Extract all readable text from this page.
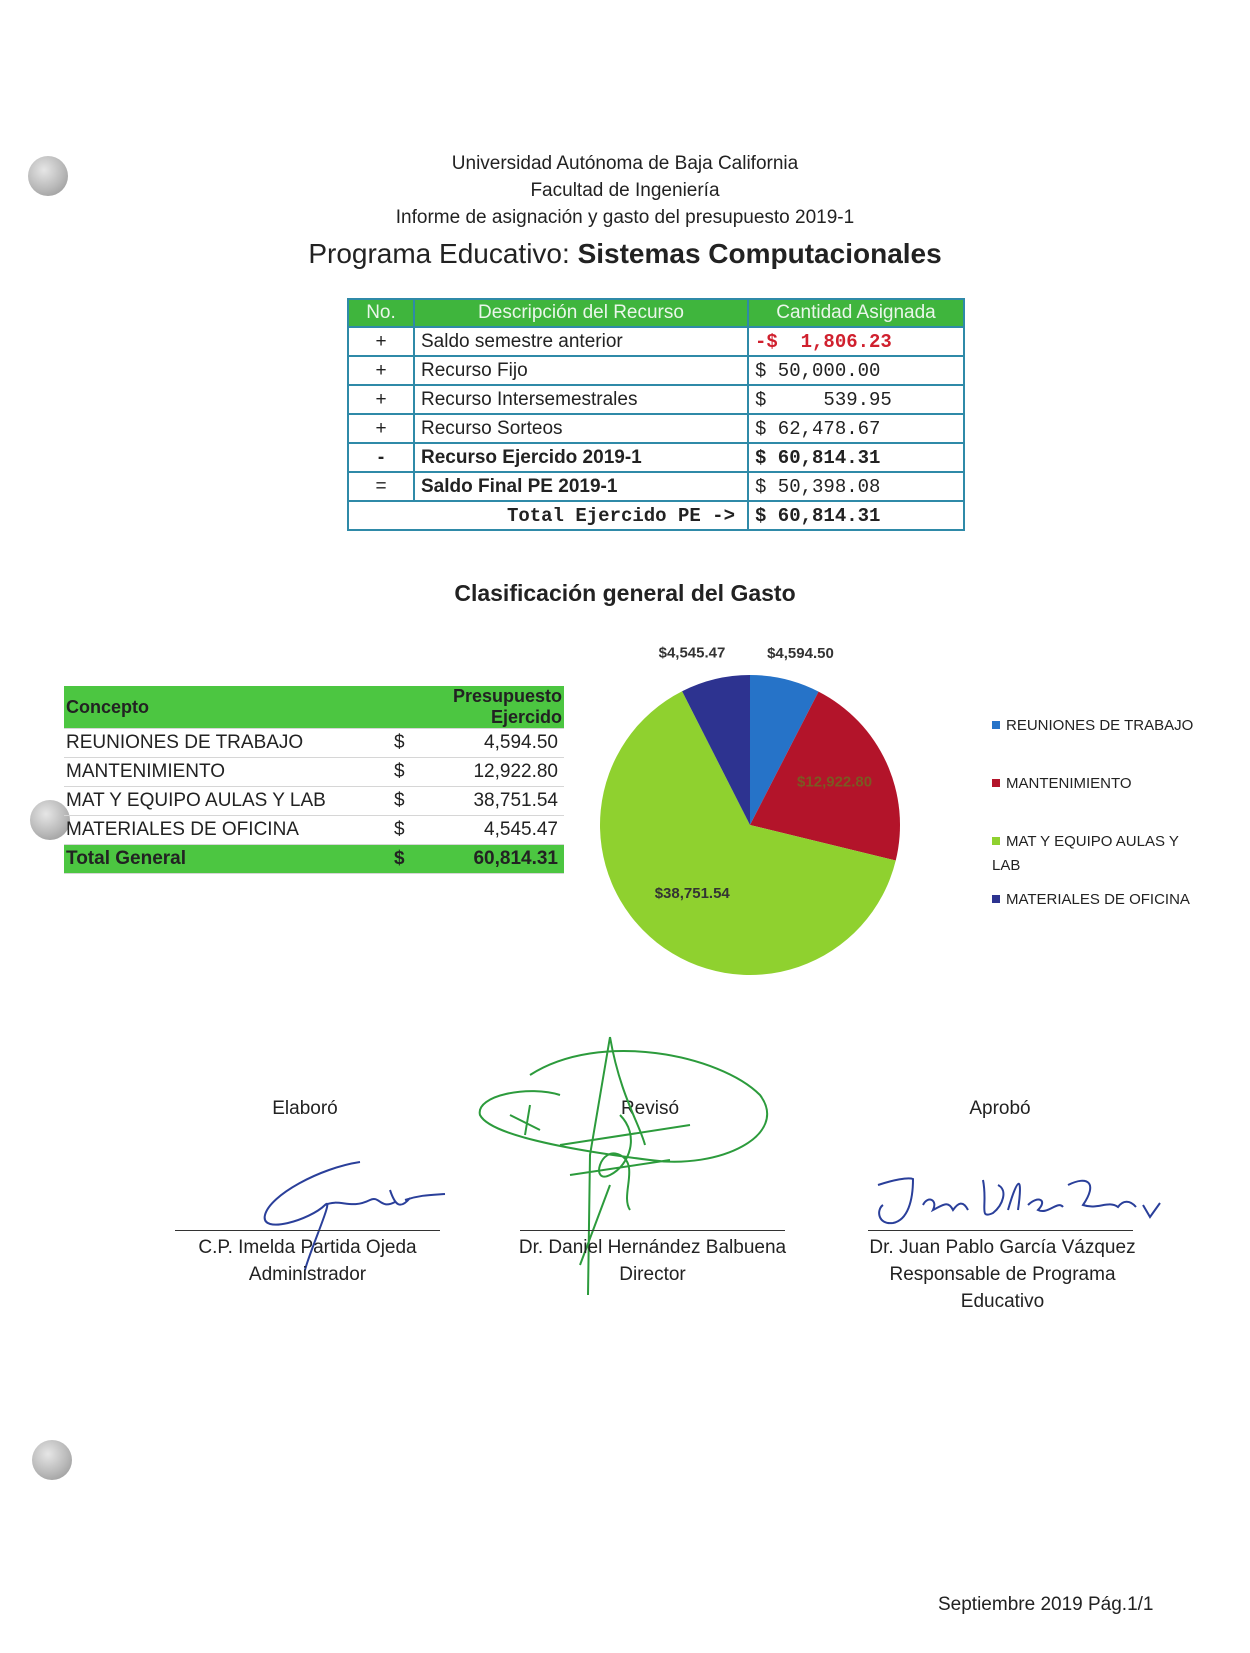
Universidad Autónoma de Baja California
Facultad de Ingeniería
Informe de asignación y gasto del presupuesto 2019-1
Programa Educativo: Sistemas Computacionales
No.	Descripción del Recurso	Cantidad Asignada
+	Saldo semestre anterior	-$  1,806.23
+	Recurso Fijo	$ 50,000.00
+	Recurso Intersemestrales	$     539.95
+	Recurso Sorteos	$ 62,478.67
-	Recurso Ejercido 2019-1	$ 60,814.31
=	Saldo Final PE 2019-1	$ 50,398.08
Total Ejercido PE ->		$ 60,814.31
Clasificación general del Gasto
Concepto	Presupuesto Ejercido	
REUNIONES DE TRABAJO	$	4,594.50
MANTENIMIENTO	$	12,922.80
MAT Y EQUIPO AULAS Y LAB	$	38,751.54
MATERIALES DE OFICINA	$	4,545.47
Total General	$	60,814.31
$4,594.50
$12,922.80
$38,751.54
$4,545.47
REUNIONES DE TRABAJO
MANTENIMIENTO
MAT Y EQUIPO AULAS Y LAB
MATERIALES DE OFICINA
Elaboró	Revisó	Aprobó
C.P. Imelda Partida Ojeda
Administrador
Dr. Daniel Hernández Balbuena
Director
Dr. Juan Pablo García Vázquez
Responsable de Programa
Educativo
Septiembre 2019 Pág.1/1
